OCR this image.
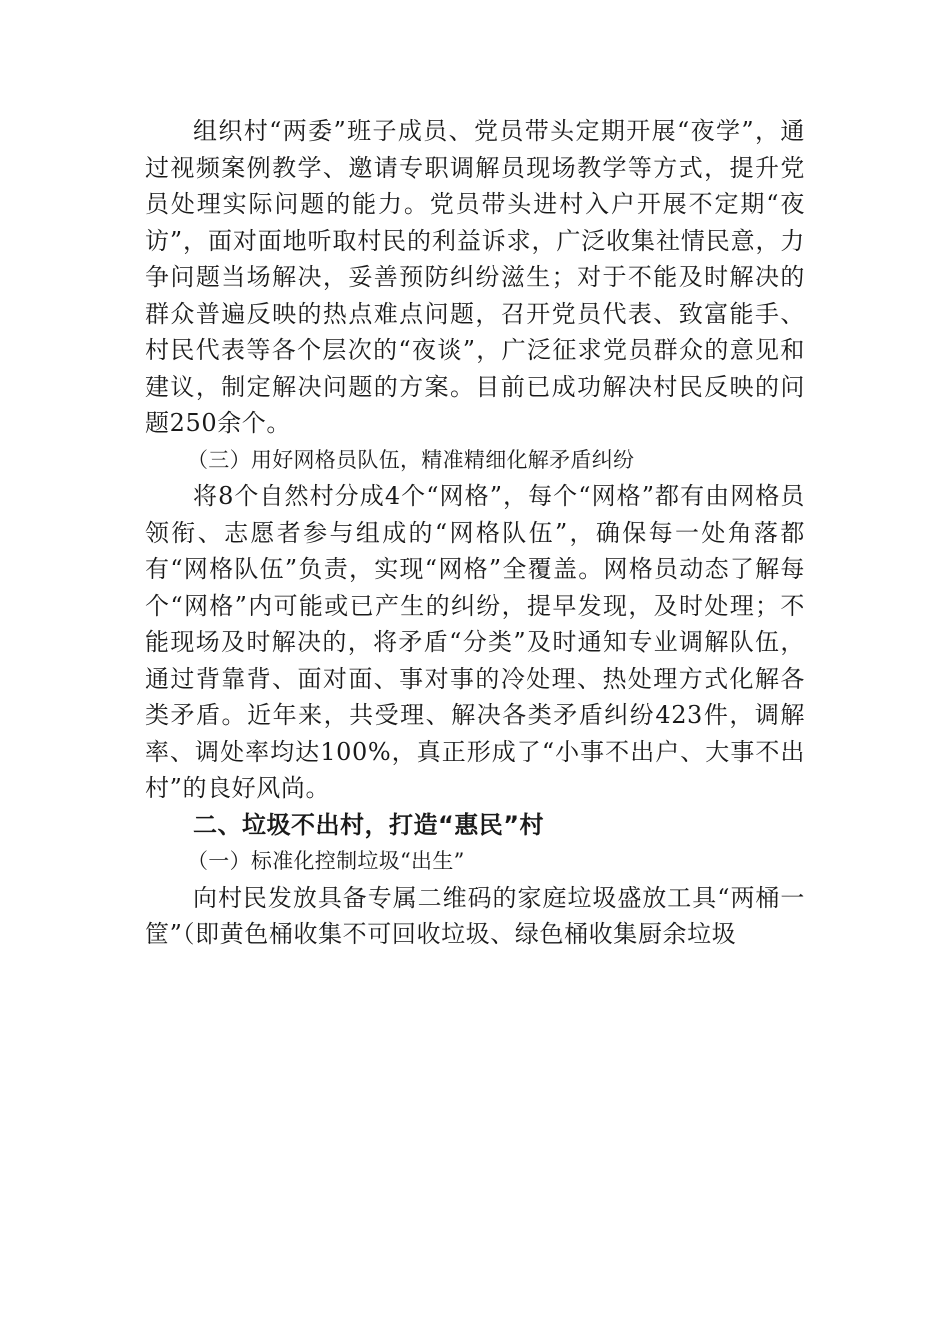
组织村“两委”班子成员、党员带头定期开展“夜学”，通过视频案例教学、邀请专职调解员现场教学等方式，提升党员处理实际问题的能力。党员带头进村入户开展不定期“夜访”，面对面地听取村民的利益诉求，广泛收集社情民意，力争问题当场解决，妥善预防纠纷滋生；对于不能及时解决的群众普遍反映的热点难点问题，召开党员代表、致富能手、村民代表等各个层次的“夜谈”，广泛征求党员群众的意见和建议，制定解决问题的方案。目前已成功解决村民反映的问题250余个。

（三）用好网格员队伍，精准精细化解矛盾纠纷

将8个自然村分成4个“网格”，每个“网格”都有由网格员领衔、志愿者参与组成的“网格队伍”，确保每一处角落都有“网格队伍”负责，实现“网格”全覆盖。网格员动态了解每个“网格”内可能或已产生的纠纷，提早发现，及时处理；不能现场及时解决的，将矛盾“分类”及时通知专业调解队伍，通过背靠背、面对面、事对事的冷处理、热处理方式化解各类矛盾。近年来，共受理、解决各类矛盾纠纷423件，调解率、调处率均达100%，真正形成了“小事不出户、大事不出村”的良好风尚。

二、垃圾不出村，打造“惠民”村

（一）标准化控制垃圾“出生”

向村民发放具备专属二维码的家庭垃圾盛放工具“两桶一筐”（即黄色桶收集不可回收垃圾、绿色桶收集厨余垃圾
